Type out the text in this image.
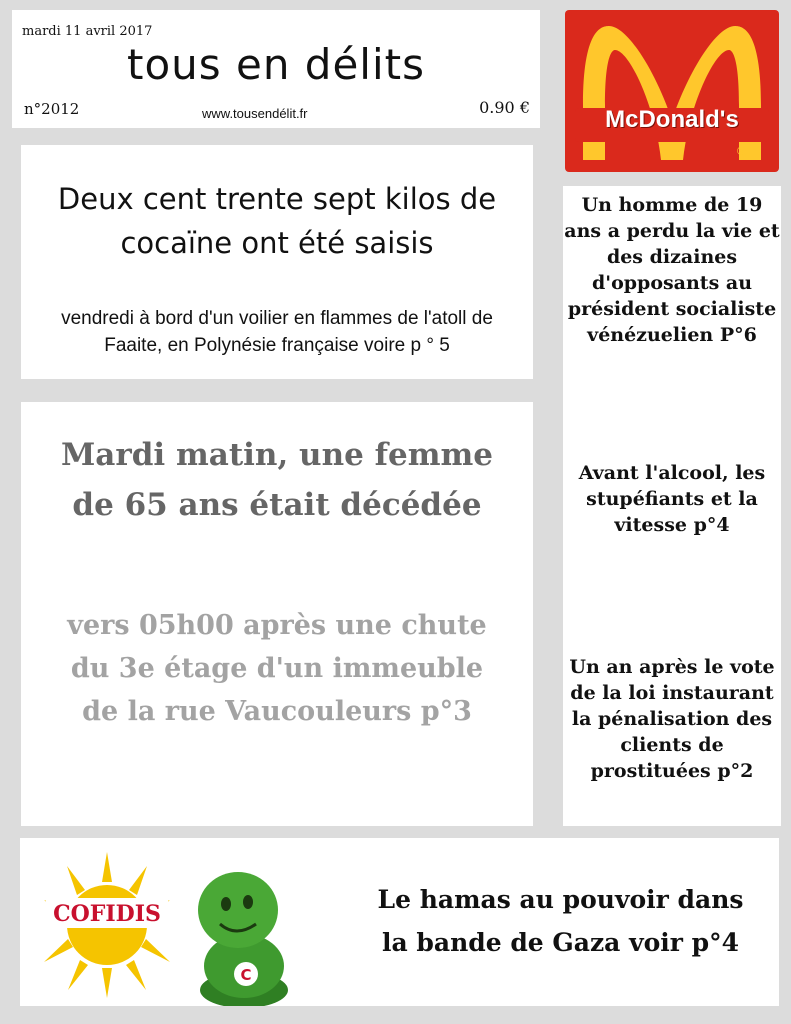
mardi 11 avril 2017
tous en délits
n°2012	www.tousendélit.fr	0.90 €	McDonald's
®
Deux cent trente sept kilos de
cocaïne ont été saisis
vendredi à bord d'un voilier en flammes de l'atoll de
Faaite, en Polynésie française voire p ° 5
Mardi matin, une femme
de 65 ans était décédée
vers 05h00 après une chute
du 3e étage d'un immeuble
de la rue Vaucouleurs p°3
Un homme de 19
ans a perdu la vie et
des dizaines
d'opposants au
président socialiste
vénézuelien P°6
Avant l'alcool, les
stupéfiants et la
vitesse p°4
Un an après le vote
de la loi instaurant
la pénalisation des
clients de
prostituées p°2
COFIDIS
C
Le hamas au pouvoir dans
la bande de Gaza voir p°4
